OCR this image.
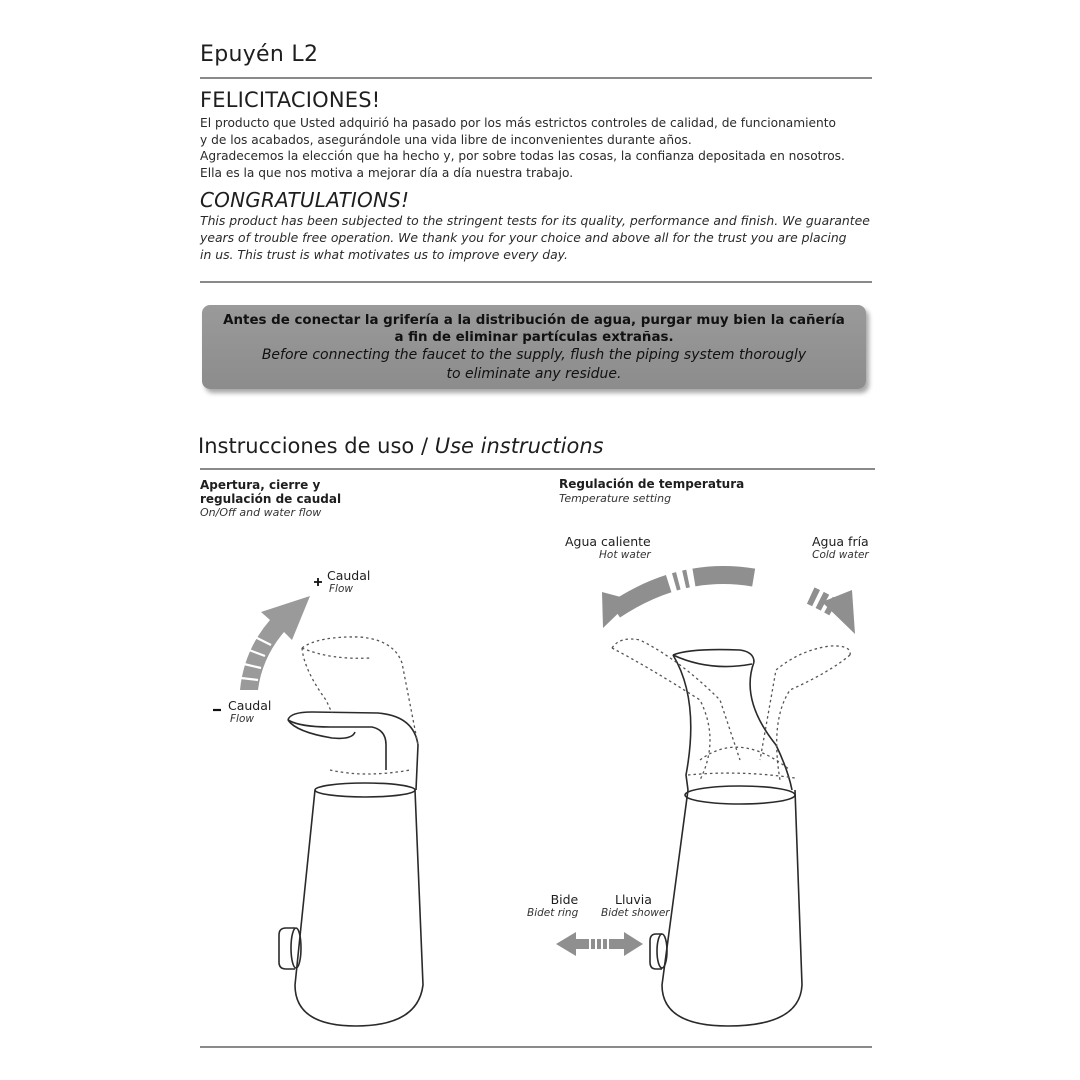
Epuyén L2
FELICITACIONES!
El producto que Usted adquirió ha pasado por los más estrictos controles de calidad, de funcionamiento
y de los acabados, asegurándole una vida libre de inconvenientes durante años.
Agradecemos la elección que ha hecho y, por sobre todas las cosas, la confianza depositada en nosotros.
Ella es la que nos motiva a mejorar día a día nuestra trabajo.
CONGRATULATIONS!
This product has been subjected to the stringent tests for its quality, performance and finish. We guarantee
years of trouble free operation. We thank you for your choice and above all for the trust you are placing
in us. This trust is what motivates us to improve every day.
Antes de conectar la grifería a la distribución de agua, purgar muy bien la cañería
a fin de eliminar partículas extrañas.
Before connecting the faucet to the supply, flush the piping system thorougly
to eliminate any residue.
Instrucciones de uso / Use instructions
Apertura, cierre y
regulación de caudal
On/Off and water flow
Regulación de temperatura
Temperature setting
Caudal
Flow
Caudal
Flow
Agua caliente
Hot water
Agua fría
Cold water
Bide
Bidet ring
Lluvia
Bidet shower
